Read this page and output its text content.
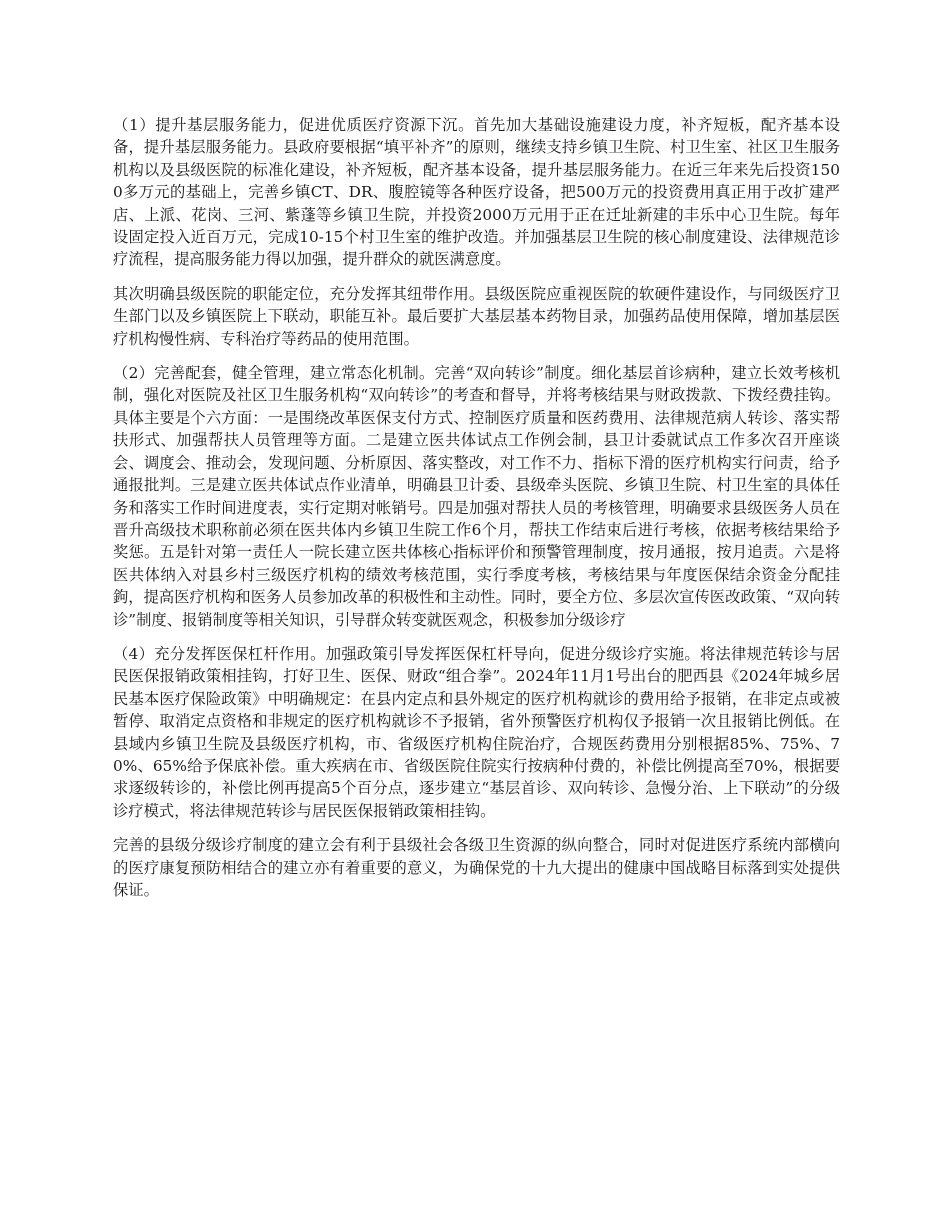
（1）提升基层服务能力，促进优质医疗资源下沉。首先加大基础设施建设力度，补齐短板，配齐基本设备，提升基层服务能力。县政府要根据“填平补齐”的原则，继续支持乡镇卫生院、村卫生室、社区卫生服务机构以及县级医院的标准化建设，补齐短板，配齐基本设备，提升基层服务能力。在近三年来先后投资1500多万元的基础上，完善乡镇CT、DR、腹腔镜等各种医疗设备，把500万元的投资费用真正用于改扩建严店、上派、花岗、三河、紫蓬等乡镇卫生院，并投资2000万元用于正在迁址新建的丰乐中心卫生院。每年设固定投入近百万元，完成10-15个村卫生室的维护改造。并加强基层卫生院的核心制度建设、法律规范诊疗流程，提高服务能力得以加强，提升群众的就医满意度。

其次明确县级医院的职能定位，充分发挥其纽带作用。县级医院应重视医院的软硬件建设作，与同级医疗卫生部门以及乡镇医院上下联动，职能互补。最后要扩大基层基本药物目录，加强药品使用保障，增加基层医疗机构慢性病、专科治疗等药品的使用范围。

（2）完善配套，健全管理，建立常态化机制。完善“双向转诊”制度。细化基层首诊病种，建立长效考核机制，强化对医院及社区卫生服务机构“双向转诊”的考查和督导，并将考核结果与财政拨款、下拨经费挂钩。具体主要是个六方面：一是围绕改革医保支付方式、控制医疗质量和医药费用、法律规范病人转诊、落实帮扶形式、加强帮扶人员管理等方面。二是建立医共体试点工作例会制，县卫计委就试点工作多次召开座谈会、调度会、推动会，发现问题、分析原因、落实整改，对工作不力、指标下滑的医疗机构实行问责，给予通报批判。三是建立医共体试点作业清单，明确县卫计委、县级牵头医院、乡镇卫生院、村卫生室的具体任务和落实工作时间进度表，实行定期对帐销号。四是加强对帮扶人员的考核管理，明确要求县级医务人员在晋升高级技术职称前必须在医共体内乡镇卫生院工作6个月，帮扶工作结束后进行考核，依据考核结果给予奖惩。五是针对第一责任人一院长建立医共体核心指标评价和预警管理制度，按月通报，按月追责。六是将医共体纳入对县乡村三级医疗机构的绩效考核范围，实行季度考核，考核结果与年度医保结余资金分配挂鉤，提高医疗机构和医务人员参加改革的积极性和主动性。同时，要全方位、多层次宣传医改政策、“双向转诊”制度、报销制度等相关知识，引导群众转变就医观念，积极参加分级诊疗

（4）充分发挥医保杠杆作用。加强政策引导发挥医保杠杆导向，促进分级诊疗实施。将法律规范转诊与居民医保报销政策相挂钩，打好卫生、医保、财政“组合拳”。2024年11月1号出台的肥西县《2024年城乡居民基本医疗保险政策》中明确规定：在县内定点和县外规定的医疗机构就诊的费用给予报销，在非定点或被暂停、取消定点资格和非规定的医疗机构就诊不予报销，省外预警医疗机构仅予报销一次且报销比例低。在县域内乡镇卫生院及县级医疗机构，市、省级医疗机构住院治疗，合规医药费用分别根据85%、75%、70%、65%给予保底补偿。重大疾病在市、省级医院住院实行按病种付费的，补偿比例提高至70%，根据要求逐级转诊的，补偿比例再提高5个百分点，逐步建立“基层首诊、双向转诊、急慢分治、上下联动”的分级诊疗模式，将法律规范转诊与居民医保报销政策相挂钩。

完善的县级分级诊疗制度的建立会有利于县级社会各级卫生资源的纵向整合，同时对促进医疗系统内部横向的医疗康复预防相结合的建立亦有着重要的意义，为确保党的十九大提出的健康中国战略目标落到实处提供保证。
